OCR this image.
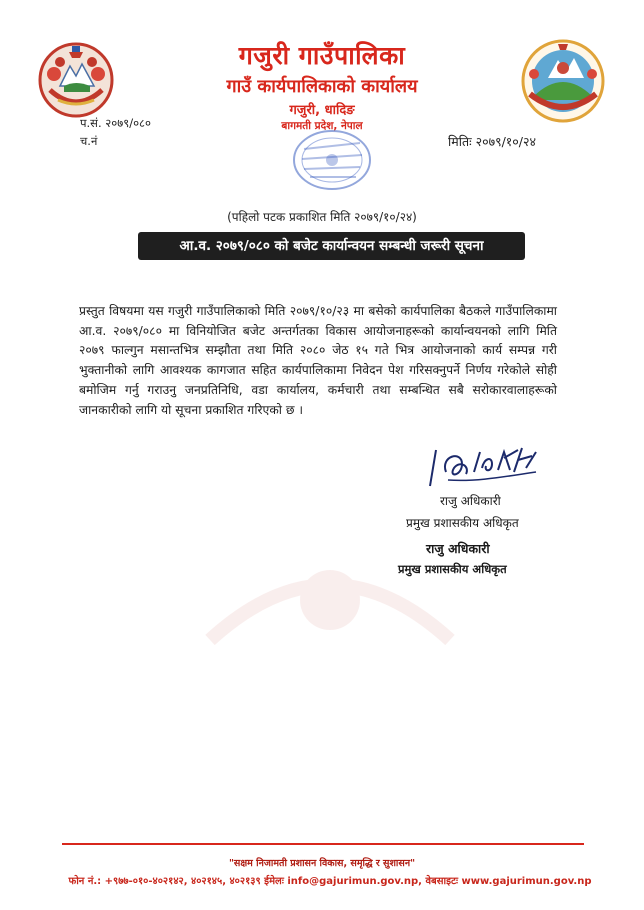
गजुरी गाउँपालिका
गाउँ कार्यपालिकाको कार्यालय
गजुरी, धादिङ
बागमती प्रदेश, नेपाल
प.सं. २०७९/०८०
च.नं	मितिः २०७९/१०/२४
(पहिलो पटक प्रकाशित मिति २०७९/१०/२४)
आ.व. २०७९/०८० को बजेट कार्यान्वयन सम्बन्धी जरूरी सूचना
प्रस्तुत विषयमा यस गजुरी गाउँपालिकाको मिति २०७९/१०/२३ मा बसेको कार्यपालिका बैठकले गाउँपालिकामा आ.व. २०७९/०८० मा विनियोजित बजेट अन्तर्गतका विकास आयोजनाहरूको कार्यान्वयनको लागि मिति २०७९ फाल्गुन मसान्तभित्र सम्झौता तथा मिति २०८० जेठ १५ गते भित्र आयोजनाको कार्य सम्पन्न गरी भुक्तानीको लागि आवश्यक कागजात सहित कार्यपालिकामा निवेदन पेश गरिसक्नुपर्ने निर्णय गरेकोले सोही बमोजिम गर्नु गराउनु जनप्रतिनिधि, वडा कार्यालय, कर्मचारी तथा सम्बन्धित सबै सरोकारवालाहरूको जानकारीको लागि यो सूचना प्रकाशित गरिएको छ ।
राजु अधिकारी
प्रमुख प्रशासकीय अधिकृत
राजु अधिकारी
प्रमुख प्रशासकीय अधिकृत
"सक्षम निजामती प्रशासन विकास, समृद्धि र सुशासन"
फोन नं.: +९७७-०१०-४०२१४२, ४०२१४५, ४०२१३९ ईमेलः info@gajurimun.gov.np, वेबसाइटः www.gajurimun.gov.np
